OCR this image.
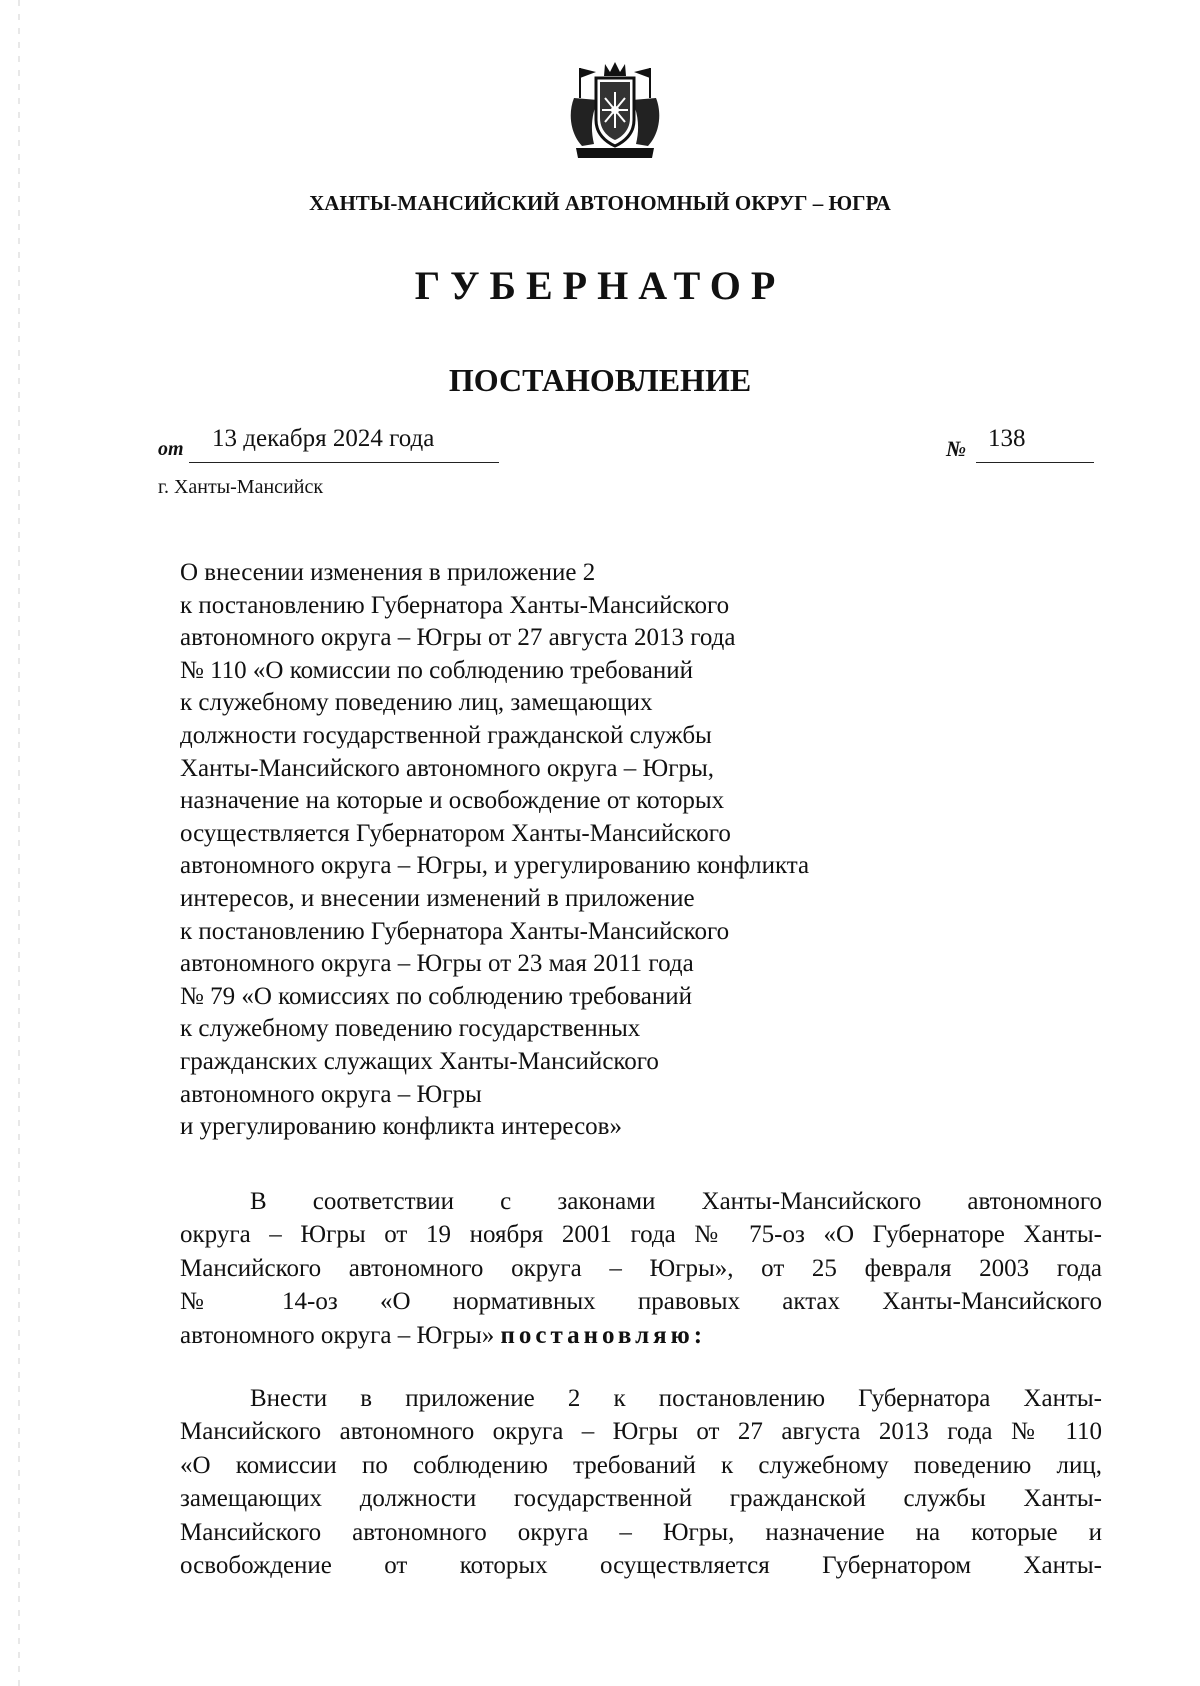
ХАНТЫ-МАНСИЙСКИЙ АВТОНОМНЫЙ ОКРУГ – ЮГРА

ГУБЕРНАТОР

ПОСТАНОВЛЕНИЕ

от 13 декабря 2024 года	№ 138
г. Ханты-Мансийск

О внесении изменения в приложение 2
к постановлению Губернатора Ханты-Мансийского
автономного округа – Югры от 27 августа 2013 года
№ 110 «О комиссии по соблюдению требований
к служебному поведению лиц, замещающих
должности государственной гражданской службы
Ханты-Мансийского автономного округа – Югры,
назначение на которые и освобождение от которых
осуществляется Губернатором Ханты-Мансийского
автономного округа – Югры, и урегулированию конфликта
интересов, и внесении изменений в приложение
к постановлению Губернатора Ханты-Мансийского
автономного округа – Югры от 23 мая 2011 года
№ 79 «О комиссиях по соблюдению требований
к служебному поведению государственных
гражданских служащих Ханты-Мансийского
автономного округа – Югры
и урегулированию конфликта интересов»

В соответствии с законами Ханты-Мансийского автономного
округа – Югры от 19 ноября 2001 года № 75-оз «О Губернаторе Ханты-
Мансийского автономного округа – Югры», от 25 февраля 2003 года
№ 14-оз «О нормативных правовых актах Ханты-Мансийского
автономного округа – Югры» постановляю:

Внести в приложение 2 к постановлению Губернатора Ханты-
Мансийского автономного округа – Югры от 27 августа 2013 года № 110
«О комиссии по соблюдению требований к служебному поведению лиц,
замещающих должности государственной гражданской службы Ханты-
Мансийского автономного округа – Югры, назначение на которые и
освобождение от которых осуществляется Губернатором Ханты-
